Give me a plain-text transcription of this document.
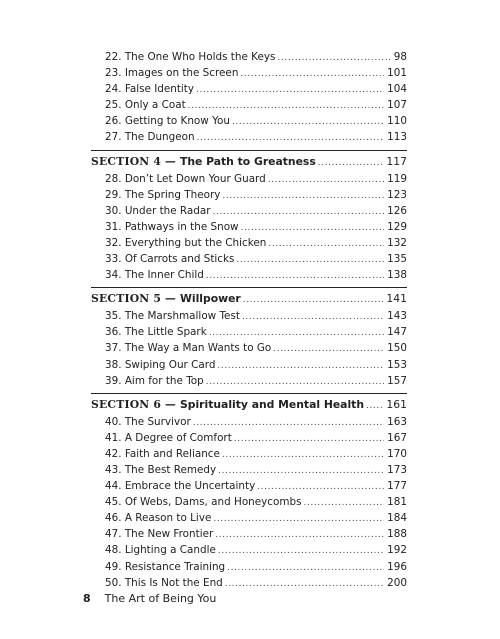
22. The One Who Holds the Keys .....	98
23. Images on the Screen .....	101
24. False Identity .....	104
25. Only a Coat .....	107
26. Getting to Know You .....	110
27. The Dungeon .....	113
SECTION 4 — The Path to Greatness .....	117
28. Don’t Let Down Your Guard .....	119
29. The Spring Theory .....	123
30. Under the Radar .....	126
31. Pathways in the Snow .....	129
32. Everything but the Chicken .....	132
33. Of Carrots and Sticks .....	135
34. The Inner Child .....	138
SECTION 5 — Willpower .....	141
35. The Marshmallow Test .....	143
36. The Little Spark .....	147
37. The Way a Man Wants to Go .....	150
38. Swiping Our Card .....	153
39. Aim for the Top .....	157
SECTION 6 — Spirituality and Mental Health ..... 161
40. The Survivor .....	163
41. A Degree of Comfort .....	167
42. Faith and Reliance .....	170
43. The Best Remedy .....	173
44. Embrace the Uncertainty .....	177
45. Of Webs, Dams, and Honeycombs .....	181
46. A Reason to Live .....	184
47. The New Frontier .....	188
48. Lighting a Candle .....	192
49. Resistance Training .....	196
50. This Is Not the End .....	200
8 The Art of Being You
